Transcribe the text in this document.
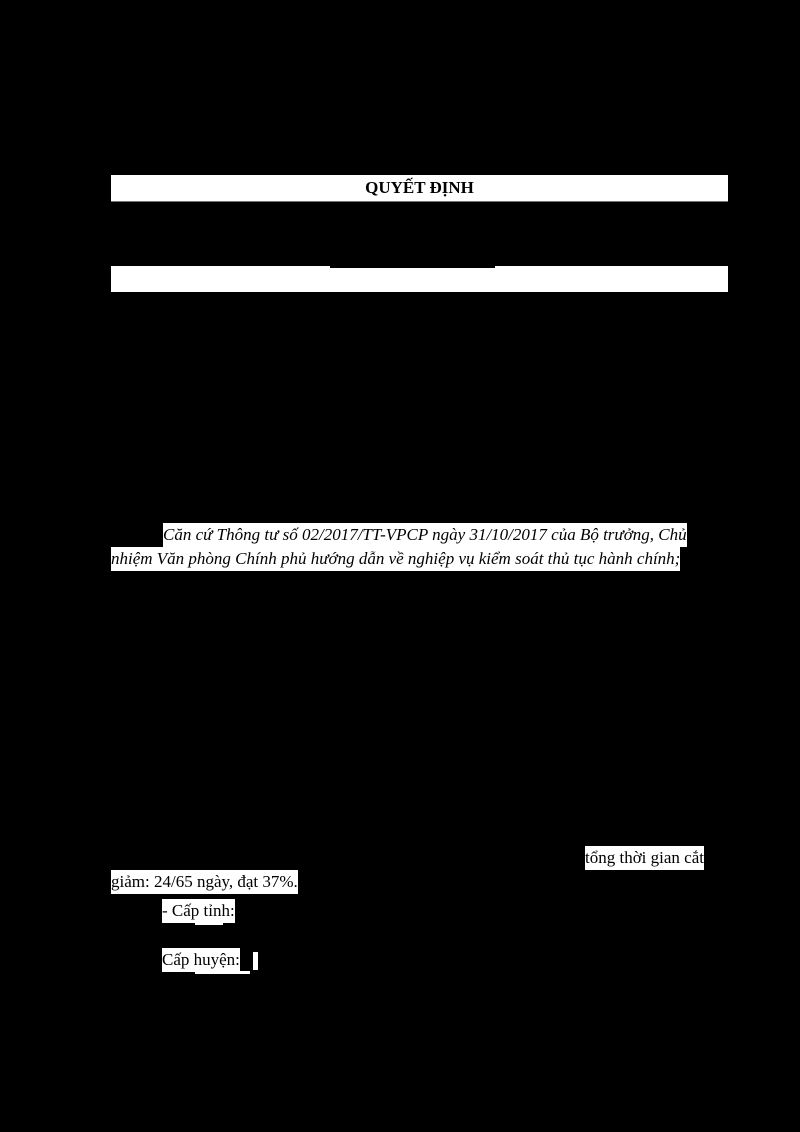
QUYẾT ĐỊNH
Căn cứ Thông tư số 02/2017/TT-VPCP ngày 31/10/2017 của Bộ trưởng, Chủ
nhiệm Văn phòng Chính phủ hướng dẫn về nghiệp vụ kiểm soát thủ tục hành chính;
tổng thời gian cắt
giảm: 24/65 ngày, đạt 37%.
- Cấp tỉnh:
Cấp huyện:
